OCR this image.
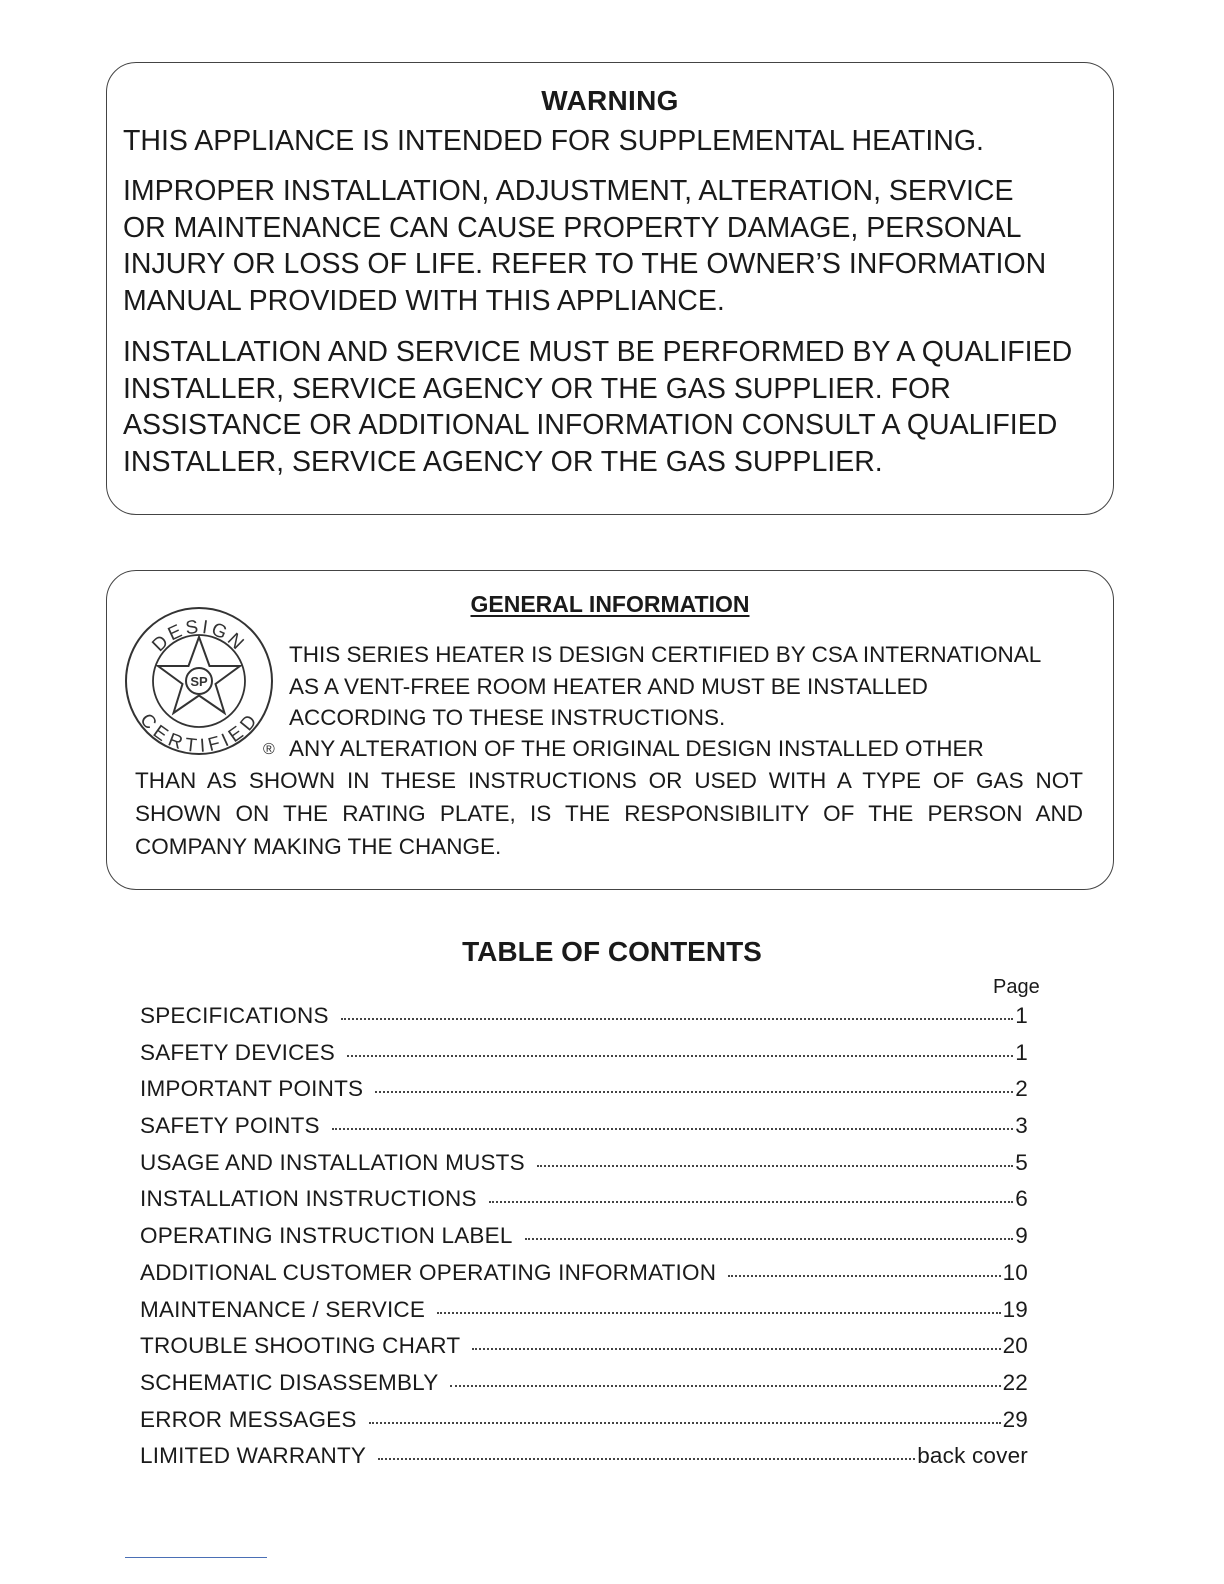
WARNING

THIS APPLIANCE IS INTENDED FOR SUPPLEMENTAL HEATING.

IMPROPER INSTALLATION, ADJUSTMENT, ALTERATION, SERVICE
OR MAINTENANCE CAN CAUSE PROPERTY DAMAGE, PERSONAL
INJURY OR LOSS OF LIFE. REFER TO THE OWNER’S INFORMATION
MANUAL PROVIDED WITH THIS APPLIANCE.

INSTALLATION AND SERVICE MUST BE PERFORMED BY A QUALIFIED
INSTALLER, SERVICE AGENCY OR THE GAS SUPPLIER. FOR
ASSISTANCE OR ADDITIONAL INFORMATION CONSULT A QUALIFIED
INSTALLER, SERVICE AGENCY OR THE GAS SUPPLIER.

GENERAL INFORMATION
SP
DESIGN
CERTIFIED
®

THIS SERIES HEATER IS DESIGN CERTIFIED BY CSA INTERNATIONAL
AS A VENT-FREE ROOM HEATER AND MUST BE INSTALLED
ACCORDING TO THESE INSTRUCTIONS.

ANY ALTERATION OF THE ORIGINAL DESIGN INSTALLED OTHER

THAN AS SHOWN IN THESE INSTRUCTIONS OR USED WITH A TYPE OF GAS NOT SHOWN ON THE RATING PLATE, IS THE RESPONSIBILITY OF THE PERSON AND COMPANY MAKING THE CHANGE.

TABLE OF CONTENTS
Page
SPECIFICATIONS	1
SAFETY DEVICES	1
IMPORTANT POINTS	2
SAFETY POINTS	3
USAGE AND INSTALLATION MUSTS	5
INSTALLATION INSTRUCTIONS	6
OPERATING INSTRUCTION LABEL	9
ADDITIONAL CUSTOMER OPERATING INFORMATION	10
MAINTENANCE / SERVICE	19
TROUBLE SHOOTING CHART	20
SCHEMATIC DISASSEMBLY	22
ERROR MESSAGES	29
LIMITED WARRANTY	back cover
